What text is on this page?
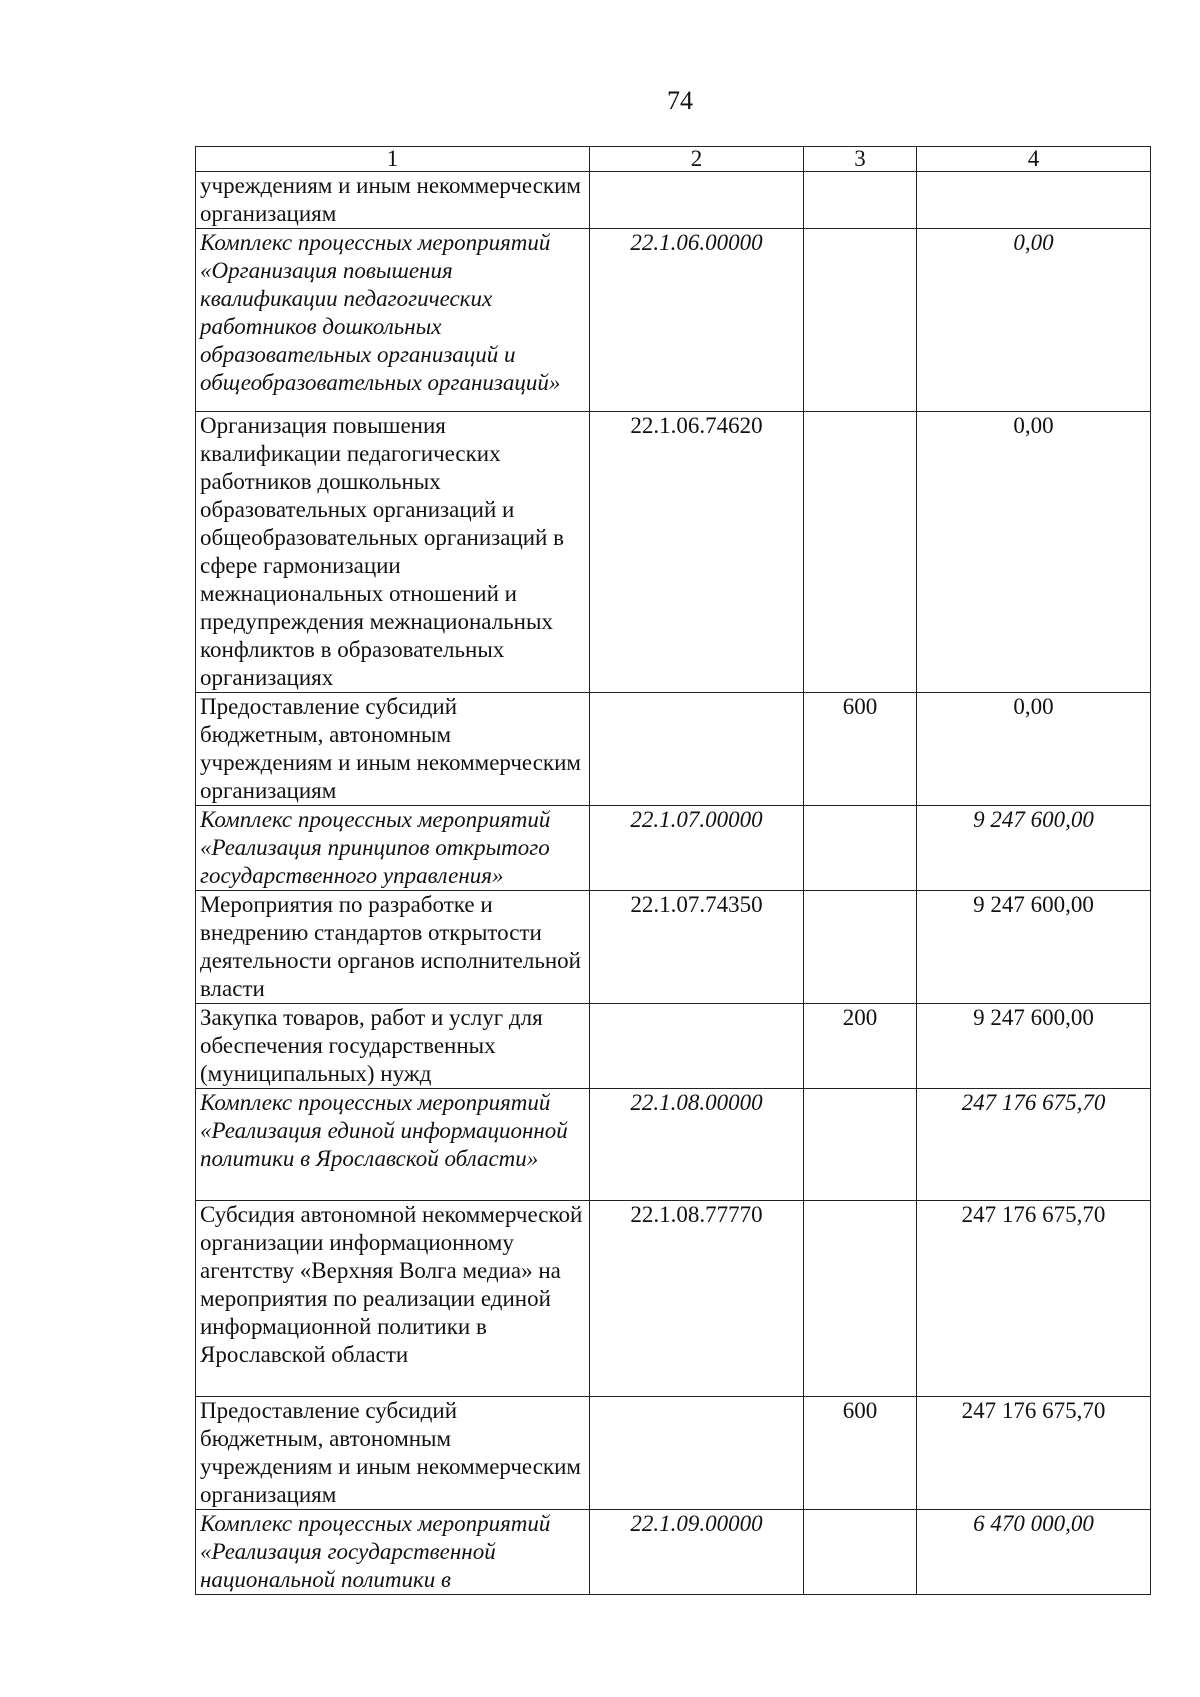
74
1	2	3	4
учреждениям и иным некоммерческим организациям			
Комплекс процессных мероприятий «Организация повышения квалификации педагогических работников дошкольных образовательных организаций и общеобразовательных организаций»	22.1.06.00000		0,00
Организация повышения квалификации педагогических работников дошкольных образовательных организаций и общеобразовательных организаций в сфере гармонизации межнациональных отношений и предупреждения межнациональных конфликтов в образовательных организациях	22.1.06.74620		0,00
Предоставление субсидий бюджетным, автономным учреждениям и иным некоммерческим организациям		600	0,00
Комплекс процессных мероприятий «Реализация принципов открытого государственного управления»	22.1.07.00000		9 247 600,00
Мероприятия по разработке и внедрению стандартов открытости деятельности органов исполнительной власти	22.1.07.74350		9 247 600,00
Закупка товаров, работ и услуг для обеспечения государственных (муниципальных) нужд		200	9 247 600,00
Комплекс процессных мероприятий «Реализация единой информационной политики в Ярославской области»	22.1.08.00000		247 176 675,70
Субсидия автономной некоммерческой организации информационному агентству «Верхняя Волга медиа» на мероприятия по реализации единой информационной политики в Ярославской области	22.1.08.77770		247 176 675,70
Предоставление субсидий бюджетным, автономным учреждениям и иным некоммерческим организациям		600	247 176 675,70
Комплекс процессных мероприятий «Реализация государственной национальной политики в	22.1.09.00000		6 470 000,00
